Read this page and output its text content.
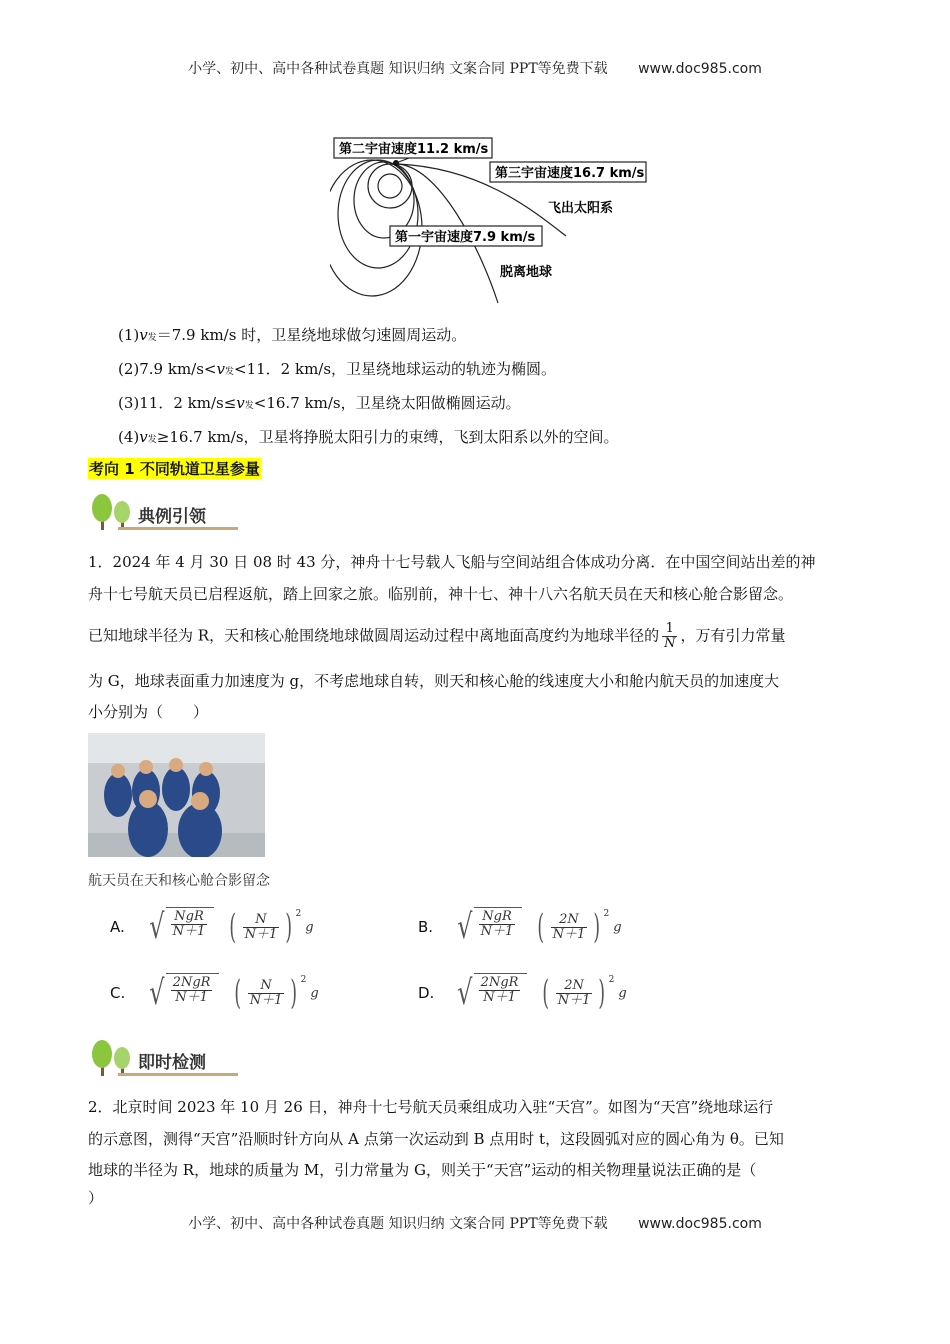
小学、初中、高中各种试卷真题 知识归纳 文案合同 PPT等免费下载 www.doc985.com
第二宇宙速度11.2 km/s
第三宇宙速度16.7 km/s
飞出太阳系
第一宇宙速度7.9 km/s
脱离地球
(1)v发＝7.9 km/s 时，卫星绕地球做匀速圆周运动。
(2)7.9 km/s<v发<11．2 km/s，卫星绕地球运动的轨迹为椭圆。
(3)11．2 km/s≤v发<16.7 km/s，卫星绕太阳做椭圆运动。
(4)v发≥16.7 km/s，卫星将挣脱太阳引力的束缚，飞到太阳系以外的空间。
考向 1 不同轨道卫星参量
典例引领
1．2024 年 4 月 30 日 08 时 43 分，神舟十七号载人飞船与空间站组合体成功分离．在中国空间站出差的神
舟十七号航天员已启程返航，踏上回家之旅。临别前，神十七、神十八六名航天员在天和核心舱合影留念。
已知地球半径为 R，天和核心舱围绕地球做圆周运动过程中离地面高度约为地球半径的 $\frac{1}{N}$ ，万有引力常量
为 G，地球表面重力加速度为 g，不考虑地球自转，则天和核心舱的线速度大小和舱内航天员的加速度大
小分别为（　　）
航天员在天和核心舱合影留念
A. √ $\frac{\text{NgR}}{N+1}$ ( $\frac{N}{N+1}$ ) 2
g	B. √ $\frac{\text{NgR}}{N+1}$ ( $\frac{2N}{N+1}$ ) 2
g
C. √ $\frac{\text{2NgR}}{N+1}$ ( $\frac{N}{N+1}$ ) 2
g	D. √ $\frac{\text{2NgR}}{N+1}$ ( $\frac{2N}{N+1}$ ) 2
g
即时检测
2．北京时间 2023 年 10 月 26 日，神舟十七号航天员乘组成功入驻“天宫”。如图为“天宫”绕地球运行
的示意图，测得“天宫”沿顺时针方向从 A 点第一次运动到 B 点用时 t，这段圆弧对应的圆心角为 θ。已知
地球的半径为 R，地球的质量为 M，引力常量为 G，则关于“天宫”运动的相关物理量说法正确的是（
）
小学、初中、高中各种试卷真题 知识归纳 文案合同 PPT等免费下载 www.doc985.com
